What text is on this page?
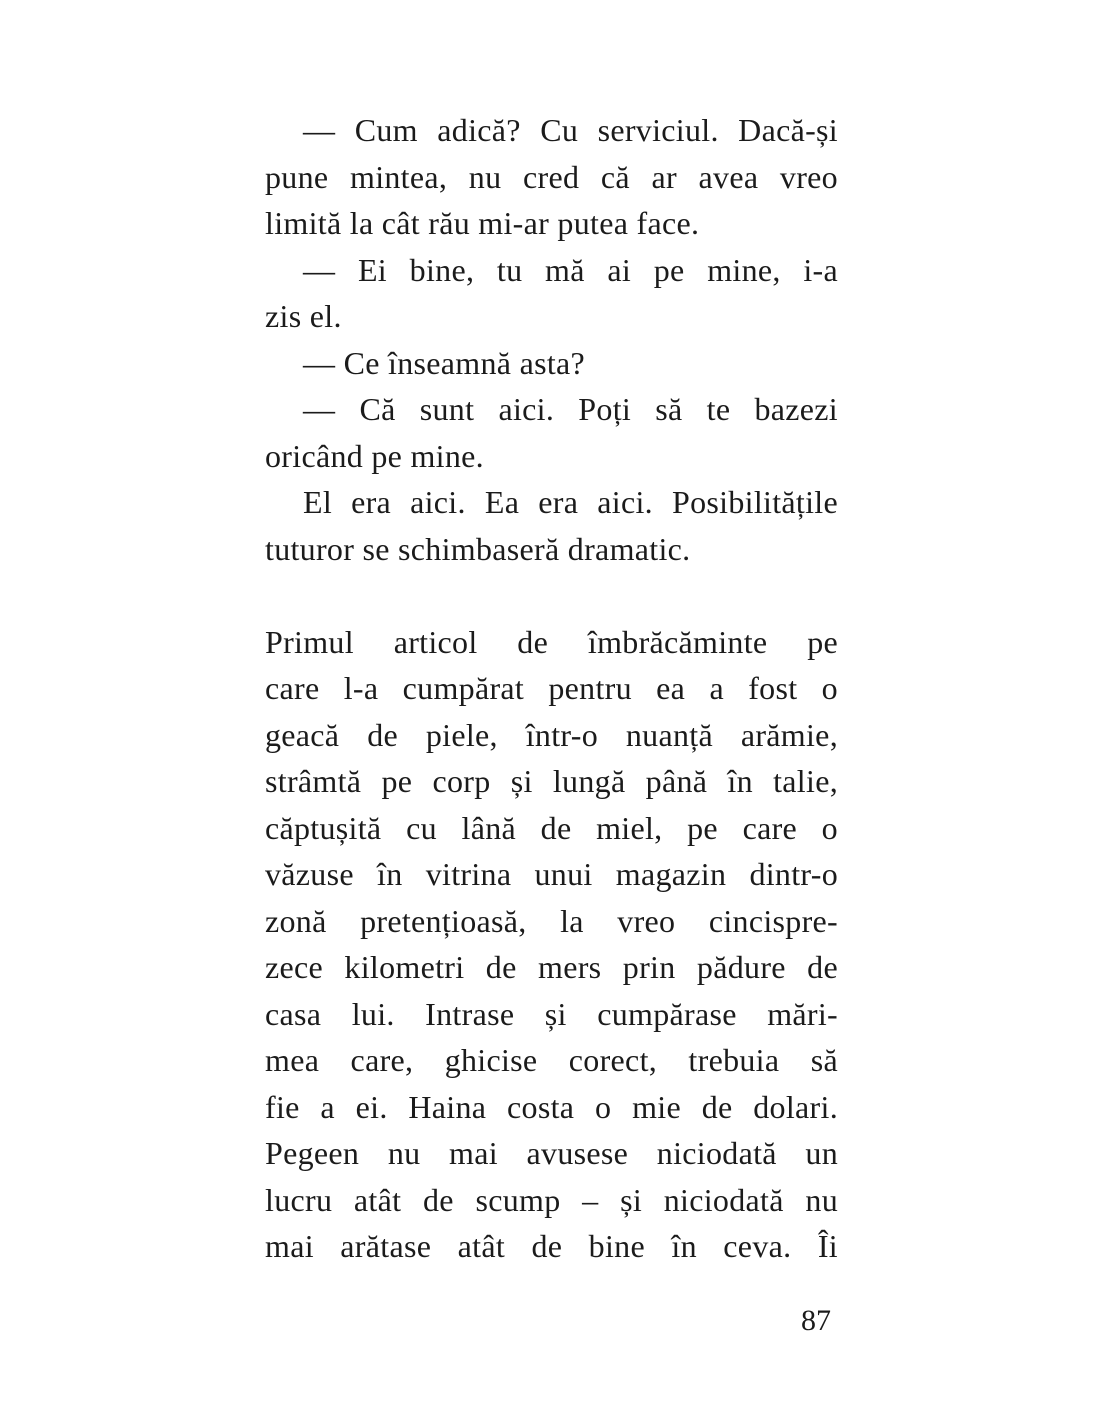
— Cum adică? Cu serviciul. Dacă-și
pune mintea, nu cred că ar avea vreo
limită la cât rău mi-ar putea face.
— Ei bine, tu mă ai pe mine, i-a
zis el.
— Ce înseamnă asta?
— Că sunt aici. Poți să te bazezi
oricând pe mine.
El era aici. Ea era aici. Posibilitățile
tuturor se schimbaseră dramatic.
Primul articol de îmbrăcăminte pe
care l-a cumpărat pentru ea a fost o
geacă de piele, într-o nuanță arămie,
strâmtă pe corp și lungă până în talie,
căptușită cu lână de miel, pe care o
văzuse în vitrina unui magazin dintr-o
zonă pretențioasă, la vreo cincispre-
zece kilometri de mers prin pădure de
casa lui. Intrase și cumpărase mări-
mea care, ghicise corect, trebuia să
fie a ei. Haina costa o mie de dolari.
Pegeen nu mai avusese niciodată un
lucru atât de scump – și niciodată nu
mai arătase atât de bine în ceva. Îi
87
